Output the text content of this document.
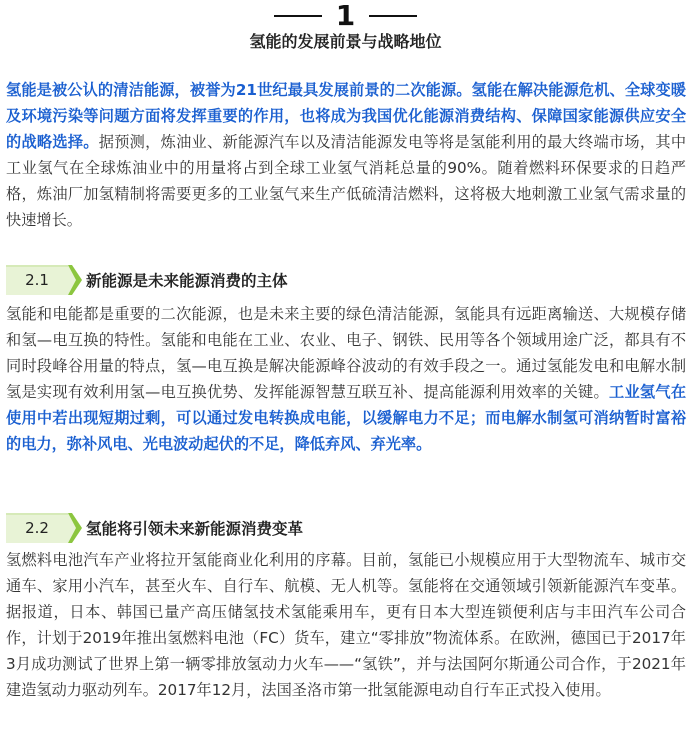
1
氢能的发展前景与战略地位

氢能是被公认的清洁能源，被誉为21世纪最具发展前景的二次能源。氢能在解决能源危机、全球变暖及环境污染等问题方面将发挥重要的作用，也将成为我国优化能源消费结构、保障国家能源供应安全的战略选择。据预测，炼油业、新能源汽车以及清洁能源发电等将是氢能利用的最大终端市场，其中工业氢气在全球炼油业中的用量将占到全球工业氢气消耗总量的90%。随着燃料环保要求的日趋严格，炼油厂加氢精制将需要更多的工业氢气来生产低硫清洁燃料，这将极大地刺激工业氢气需求量的快速增长。

2.1	新能源是未来能源消费的主体

氢能和电能都是重要的二次能源，也是未来主要的绿色清洁能源，氢能具有远距离输送、大规模存储和氢—电互换的特性。氢能和电能在工业、农业、电子、钢铁、民用等各个领域用途广泛，都具有不同时段峰谷用量的特点，氢—电互换是解决能源峰谷波动的有效手段之一。通过氢能发电和电解水制氢是实现有效利用氢—电互换优势、发挥能源智慧互联互补、提高能源利用效率的关键。工业氢气在使用中若出现短期过剩，可以通过发电转换成电能，以缓解电力不足；而电解水制氢可消纳暂时富裕的电力，弥补风电、光电波动起伏的不足，降低弃风、弃光率。

2.2	氢能将引领未来新能源消费变革

氢燃料电池汽车产业将拉开氢能商业化利用的序幕。目前，氢能已小规模应用于大型物流车、城市交通车、家用小汽车，甚至火车、自行车、航模、无人机等。氢能将在交通领域引领新能源汽车变革。据报道，日本、韩国已量产高压储氢技术氢能乘用车，更有日本大型连锁便利店与丰田汽车公司合作，计划于2019年推出氢燃料电池（FC）货车，建立“零排放”物流体系。在欧洲，德国已于2017年3月成功测试了世界上第一辆零排放氢动力火车——“氢铁”，并与法国阿尔斯通公司合作，于2021年建造氢动力驱动列车。2017年12月，法国圣洛市第一批氢能源电动自行车正式投入使用。
